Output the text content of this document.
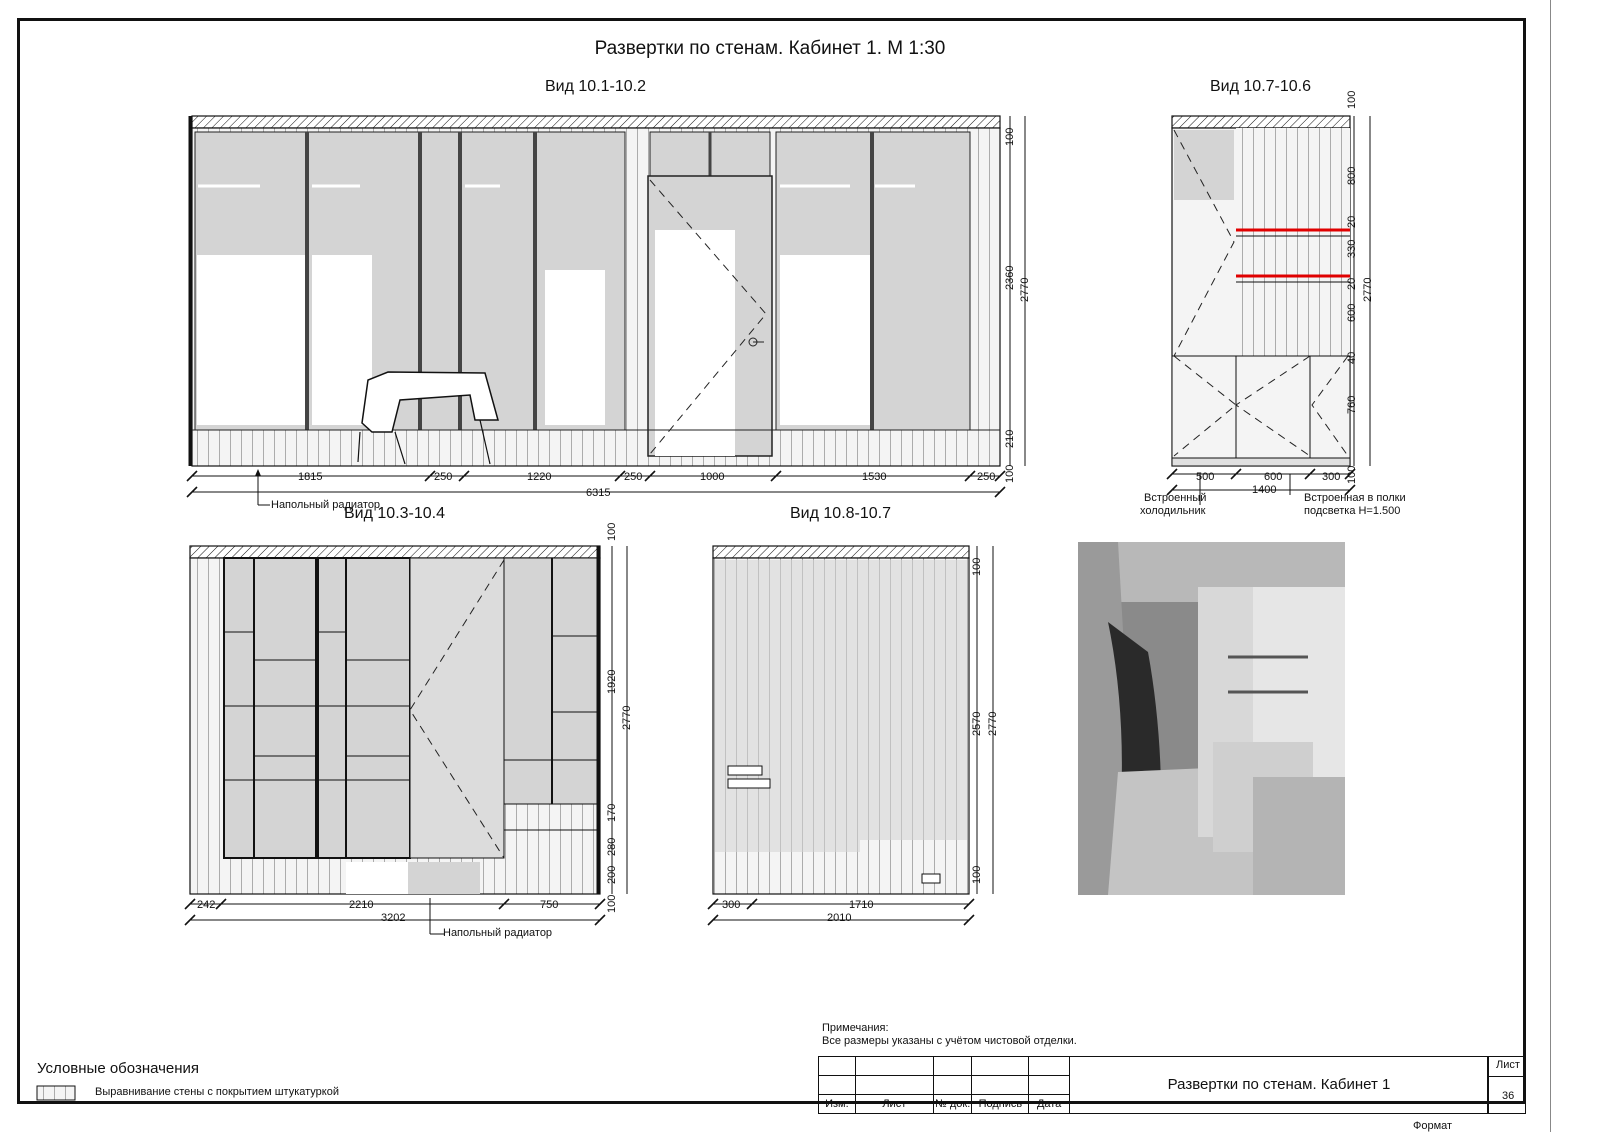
Развертки по стенам. Кабинет 1. М 1:30
Вид 10.1-10.2
1815	250	1220	250	1000	1530	250
6315
Напольный радиатор
100
2360 2770
210
100
Вид 10.7-10.6
500	600	300
1400
100
800
20
330
20 2770
600
40
760
100
Встроенный
холодильник
Встроенная в полки
подсветка Н=1.500
Вид 10.3-10.4
242	2210	750
3202
Напольный радиатор
100
1920
2770
170
280
200
100
Вид 10.8-10.7
300	1710
2010
100
2570 2770
100
Примечания:
Все размеры указаны с учётом чистовой отделки.
Условные обозначения
Выравнивание стены с покрытием штукатуркой

Изм.	Лист	№ док.	Подпись	Дата
Развертки по стенам. Кабинет 1
Лист
36
Формат
